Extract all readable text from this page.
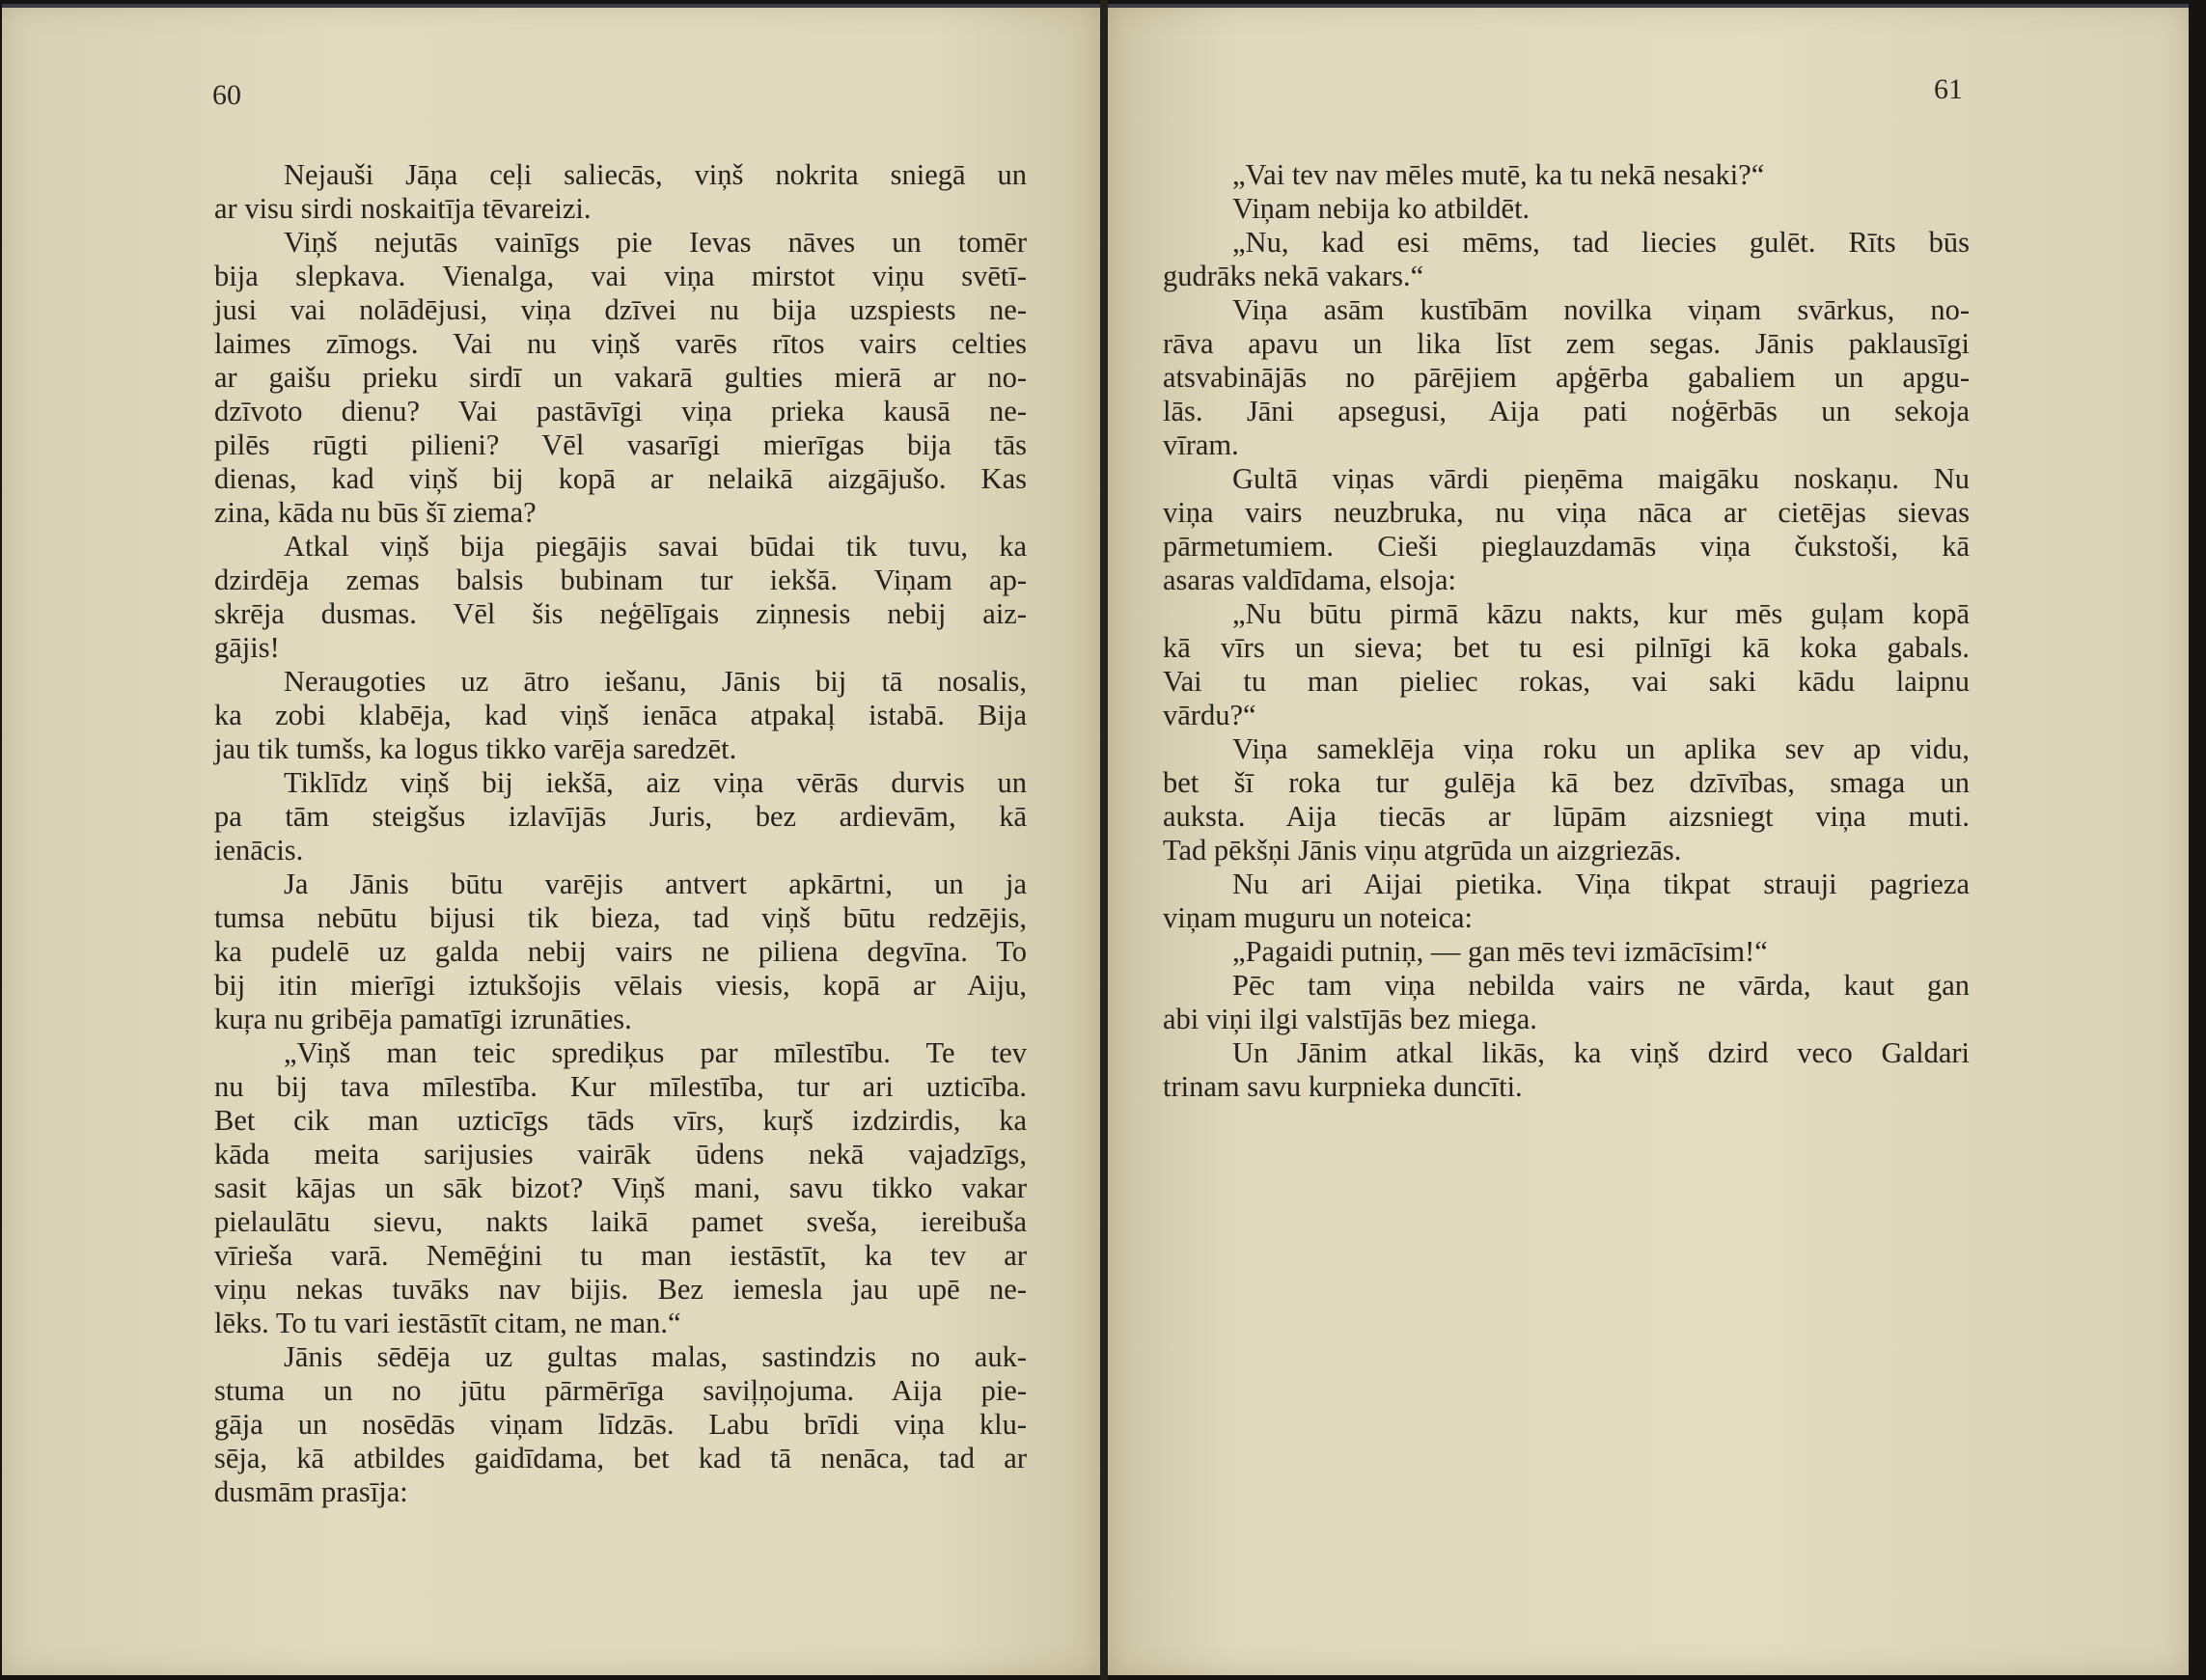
60	61
Nejauši Jāņa ceļi saliecās, viņš nokrita sniegā un
ar visu sirdi noskaitīja tēvareizi.
Viņš nejutās vainīgs pie Ievas nāves un tomēr
bija slepkava. Vienalga, vai viņa mirstot viņu svētī-
jusi vai nolādējusi, viņa dzīvei nu bija uzspiests ne-
laimes zīmogs. Vai nu viņš varēs rītos vairs celties
ar gaišu prieku sirdī un vakarā gulties mierā ar no-
dzīvoto dienu? Vai pastāvīgi viņa prieka kausā ne-
pilēs rūgti pilieni? Vēl vasarīgi mierīgas bija tās
dienas, kad viņš bij kopā ar nelaikā aizgājušo. Kas
zina, kāda nu būs šī ziema?
Atkal viņš bija piegājis savai būdai tik tuvu, ka
dzirdēja zemas balsis bubinam tur iekšā. Viņam ap-
skrēja dusmas. Vēl šis neģēlīgais ziņnesis nebij aiz-
gājis!
Neraugoties uz ātro iešanu, Jānis bij tā nosalis,
ka zobi klabēja, kad viņš ienāca atpakaļ istabā. Bija
jau tik tumšs, ka logus tikko varēja saredzēt.
Tiklīdz viņš bij iekšā, aiz viņa vērās durvis un
pa tām steigšus izlavījās Juris, bez ardievām, kā
ienācis.
Ja Jānis būtu varējis antvert apkārtni, un ja
tumsa nebūtu bijusi tik bieza, tad viņš būtu redzējis,
ka pudelē uz galda nebij vairs ne piliena degvīna. To
bij itin mierīgi iztukšojis vēlais viesis, kopā ar Aiju,
kuŗa nu gribēja pamatīgi izrunāties.
„Viņš man teic sprediķus par mīlestību. Te tev
nu bij tava mīlestība. Kur mīlestība, tur ari uzticība.
Bet cik man uzticīgs tāds vīrs, kuŗš izdzirdis, ka
kāda meita sarijusies vairāk ūdens nekā vajadzīgs,
sasit kājas un sāk bizot? Viņš mani, savu tikko vakar
pielaulātu sievu, nakts laikā pamet sveša, iereibuša
vīrieša varā. Nemēģini tu man iestāstīt, ka tev ar
viņu nekas tuvāks nav bijis. Bez iemesla jau upē ne-
lēks. To tu vari iestāstīt citam, ne man.“
Jānis sēdēja uz gultas malas, sastindzis no auk-
stuma un no jūtu pārmērīga saviļņojuma. Aija pie-
gāja un nosēdās viņam līdzās. Labu brīdi viņa klu-
sēja, kā atbildes gaidīdama, bet kad tā nenāca, tad ar
dusmām prasīja:
„Vai tev nav mēles mutē, ka tu nekā nesaki?“
Viņam nebija ko atbildēt.
„Nu, kad esi mēms, tad liecies gulēt. Rīts būs
gudrāks nekā vakars.“
Viņa asām kustībām novilka viņam svārkus, no-
rāva apavu un lika līst zem segas. Jānis paklausīgi
atsvabinājās no pārējiem apģērba gabaliem un apgu-
lās. Jāni apsegusi, Aija pati noģērbās un sekoja
vīram.
Gultā viņas vārdi pieņēma maigāku noskaņu. Nu
viņa vairs neuzbruka, nu viņa nāca ar cietējas sievas
pārmetumiem. Cieši pieglauzdamās viņa čukstoši, kā
asaras valdīdama, elsoja:
„Nu būtu pirmā kāzu nakts, kur mēs guļam kopā
kā vīrs un sieva; bet tu esi pilnīgi kā koka gabals.
Vai tu man pieliec rokas, vai saki kādu laipnu
vārdu?“
Viņa sameklēja viņa roku un aplika sev ap vidu,
bet šī roka tur gulēja kā bez dzīvības, smaga un
auksta. Aija tiecās ar lūpām aizsniegt viņa muti.
Tad pēkšņi Jānis viņu atgrūda un aizgriezās.
Nu ari Aijai pietika. Viņa tikpat strauji pagrieza
viņam muguru un noteica:
„Pagaidi putniņ, — gan mēs tevi izmācīsim!“
Pēc tam viņa nebilda vairs ne vārda, kaut gan
abi viņi ilgi valstījās bez miega.
Un Jānim atkal likās, ka viņš dzird veco Galdari
trinam savu kurpnieka duncīti.
